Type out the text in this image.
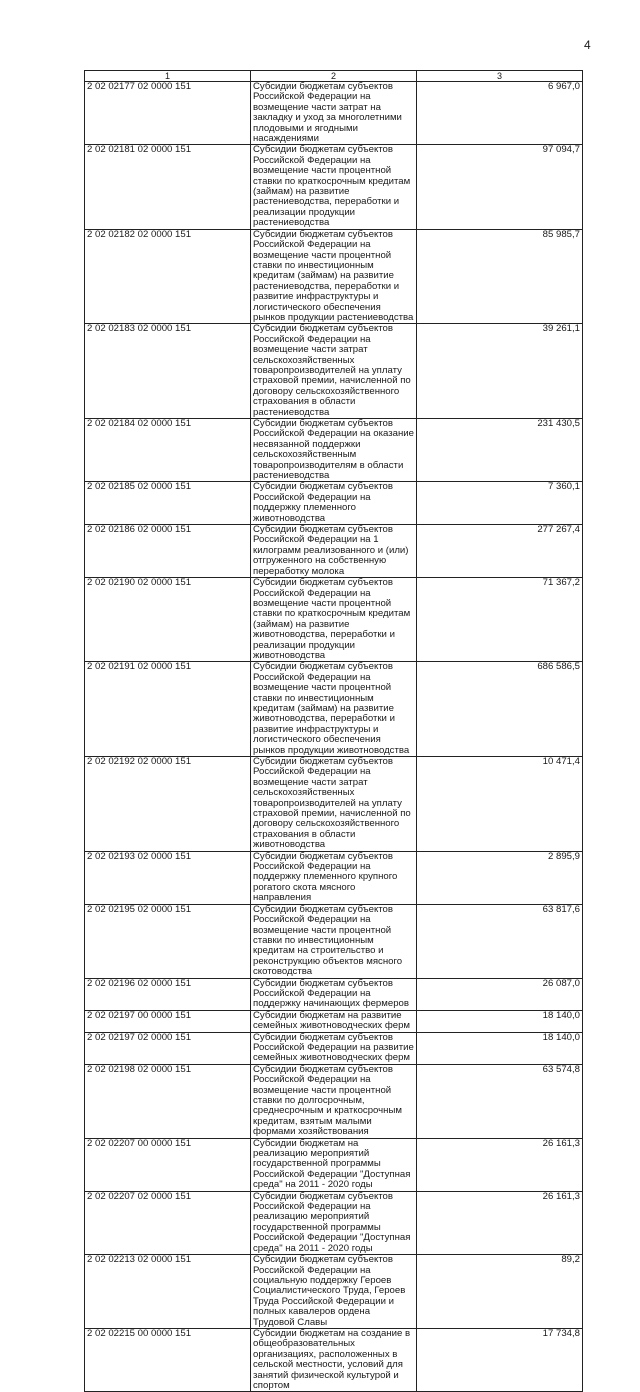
4
1	2	3
2 02 02177 02 0000 151	Субсидии бюджетам субъектов Российской Федерации на возмещение части затрат на закладку и уход за многолетними плодовыми и ягодными насаждениями	6 967,0
2 02 02181 02 0000 151	Субсидии бюджетам субъектов Российской Федерации на возмещение части процентной ставки по краткосрочным кредитам (займам) на развитие растениеводства, переработки и реализации продукции растениеводства	97 094,7
2 02 02182 02 0000 151	Субсидии бюджетам субъектов Российской Федерации на возмещение части процентной ставки по инвестиционным кредитам (займам) на развитие растениеводства, переработки и развитие инфраструктуры и логистического обеспечения рынков продукции растениеводства	85 985,7
2 02 02183 02 0000 151	Субсидии бюджетам субъектов Российской Федерации на возмещение части затрат сельскохозяйственных товаропроизводителей на уплату страховой премии, начисленной по договору сельскохозяйственного страхования в области растениеводства	39 261,1
2 02 02184 02 0000 151	Субсидии бюджетам субъектов Российской Федерации на оказание несвязанной поддержки сельскохозяйственным товаропроизводителям в области растениеводства	231 430,5
2 02 02185 02 0000 151	Субсидии бюджетам субъектов Российской Федерации на поддержку племенного животноводства	7 360,1
2 02 02186 02 0000 151	Субсидии бюджетам субъектов Российской Федерации на 1 килограмм реализованного и (или) отгруженного на собственную переработку молока	277 267,4
2 02 02190 02 0000 151	Субсидии бюджетам субъектов Российской Федерации на возмещение части процентной ставки по краткосрочным кредитам (займам) на развитие животноводства, переработки и реализации продукции животноводства	71 367,2
2 02 02191 02 0000 151	Субсидии бюджетам субъектов Российской Федерации на возмещение части процентной ставки по инвестиционным кредитам (займам) на развитие животноводства, переработки и развитие инфраструктуры и логистического обеспечения рынков продукции животноводства	686 586,5
2 02 02192 02 0000 151	Субсидии бюджетам субъектов Российской Федерации на возмещение части затрат сельскохозяйственных товаропроизводителей на уплату страховой премии, начисленной по договору сельскохозяйственного страхования в области животноводства	10 471,4
2 02 02193 02 0000 151	Субсидии бюджетам субъектов Российской Федерации на поддержку племенного крупного рогатого скота мясного направления	2 895,9
2 02 02195 02 0000 151	Субсидии бюджетам субъектов Российской Федерации на возмещение части процентной ставки по инвестиционным кредитам на строительство и реконструкцию объектов мясного скотоводства	63 817,6
2 02 02196 02 0000 151	Субсидии бюджетам субъектов Российской Федерации на поддержку начинающих фермеров	26 087,0
2 02 02197 00 0000 151	Субсидии бюджетам на развитие семейных животноводческих ферм	18 140,0
2 02 02197 02 0000 151	Субсидии бюджетам субъектов Российской Федерации на развитие семейных животноводческих ферм	18 140,0
2 02 02198 02 0000 151	Субсидии бюджетам субъектов Российской Федерации на возмещение части процентной ставки по долгосрочным, среднесрочным и краткосрочным кредитам, взятым малыми формами хозяйствования	63 574,8
2 02 02207 00 0000 151	Субсидии бюджетам на реализацию мероприятий государственной программы Российской Федерации "Доступная среда" на 2011 - 2020 годы	26 161,3
2 02 02207 02 0000 151	Субсидии бюджетам субъектов Российской Федерации на реализацию мероприятий государственной программы Российской Федерации "Доступная среда" на 2011 - 2020 годы	26 161,3
2 02 02213 02 0000 151	Субсидии бюджетам субъектов Российской Федерации на социальную поддержку Героев Социалистического Труда, Героев Труда Российской Федерации и полных кавалеров ордена Трудовой Славы	89,2
2 02 02215 00 0000 151	Субсидии бюджетам на создание в общеобразовательных организациях, расположенных в сельской местности, условий для занятий физической культурой и спортом	17 734,8
